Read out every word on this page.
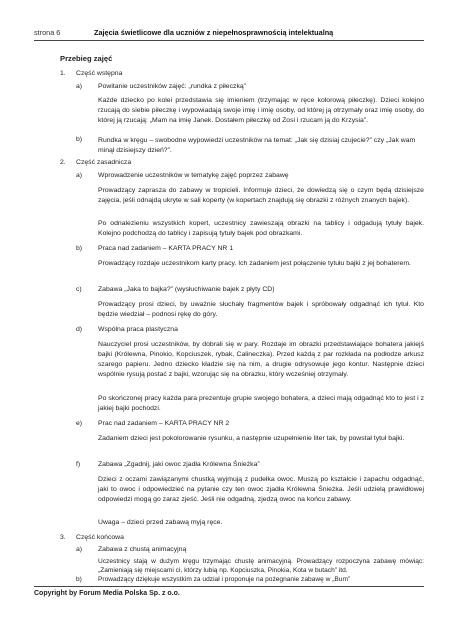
strona 6	Zajęcia świetlicowe dla uczniów z niepełnosprawnością intelektualną
Przebieg zajęć
1. Część wstępna
a) Powitanie uczestników zajęć: „rundka z piłeczką”
Każde dziecko po kolei przedstawia się imieniem (trzymając w ręce kolorową piłeczkę). Dzieci kolejno rzucają do siebie piłeczkę i wypowiadają swoje imię i imię osoby, od której ją otrzymały oraz imię osoby, do której ją rzucają: „Mam na imię Janek. Dostałem piłeczkę od Zosi i rzucam ją do Krzysia”.
b) Rundka w kręgu – swobodne wypowiedzi uczestników na temat: „Jak się dzisiaj czujecie?” czy „Jak wam minął dzisiejszy dzień?”.
2. Część zasadnicza
a) Wprowadzenie uczestników w tematykę zajęć poprzez zabawę
Prowadzący zaprasza do zabawy w tropicieli. Informuje dzieci, że dowiedzą się o czym będą dzisiejsze zajęcia, jeśli odnajdą ukryte w sali koperty (w kopertach znajdują się obrazki z różnych znanych bajek).
Po odnalezieniu wszystkich kopert, uczestnicy zawieszają obrazki na tablicy i odgadują tytuły bajek. Kolejno podchodzą do tablicy i zapisują tytuły bajek pod obrazkami.
b) Praca nad zadaniem – KARTA PRACY NR 1
Prowadzący rozdaje uczestnikom karty pracy. Ich zadaniem jest połączenie tytułu bajki z jej bohaterem.
c) Zabawa „Jaka to bajka?” (wysłuchiwanie bajek z płyty CD)
Prowadzący prosi dzieci, by uważnie słuchały fragmentów bajek i spróbowały odgadnąć ich tytuł. Kto będzie wiedział – podnosi rękę do góry.
d) Wspólna praca plastyczna
Nauczyciel prosi uczestników, by dobrali się w pary. Rozdaje im obrazki przedstawiające bohatera jakiejś bajki (Królewna, Pinokio, Kopciuszek, rybak, Calineczka). Przed każdą z par rozkłada na podłodze arkusz szarego papieru. Jedno dziecko kładzie się na nim, a drugie odrysowuje jego kontur. Następnie dzieci wspólnie rysują postać z bajki, wzorując się na obrazku, który wcześniej otrzymały.
Po skończonej pracy każda para prezentuje grupie swojego bohatera, a dzieci mają odgadnąć kto to jest i z jakiej bajki pochodzi.
e) Prac nad zadaniem – KARTA PRACY NR 2
Zadaniem dzieci jest pokolorowanie rysunku, a następnie uzupełnienie liter tak, by powstał tytuł bajki.
f)	Zabawa „Zgadnij, jaki owoc zjadła Królewna Śnieżka”
Dzieci z oczami zawiązanymi chustką wyjmują z pudełka owoc. Muszą po kształcie i zapachu odgadnąć, jaki to owoc i odpowiedzieć na pytanie czy ten owoc zjadła Królewna Śnieżka. Jeśli udzielą prawidłowej odpowiedzi mogą go zaraz zjeść. Jeśli nie odgadną, zjedzą owoc na końcu zabawy.
Uwaga – dzieci przed zabawą myją ręce.
3. Część końcowa
a) Zabawa z chustą animacyjną
Uczestnicy stają w dużym kręgu trzymając chustę animacyjną. Prowadzący rozpoczyna zabawę mówiąc: „Zamieniają się miejscami ci, którzy lubią np. Kopciuszka, Pinokia, Kota w butach” itd.
b) Prowadzący dziękuje wszystkim za udział i proponuje na pożegnanie zabawę w „Bum”
Copyright by Forum Media Polska Sp. z o.o.
